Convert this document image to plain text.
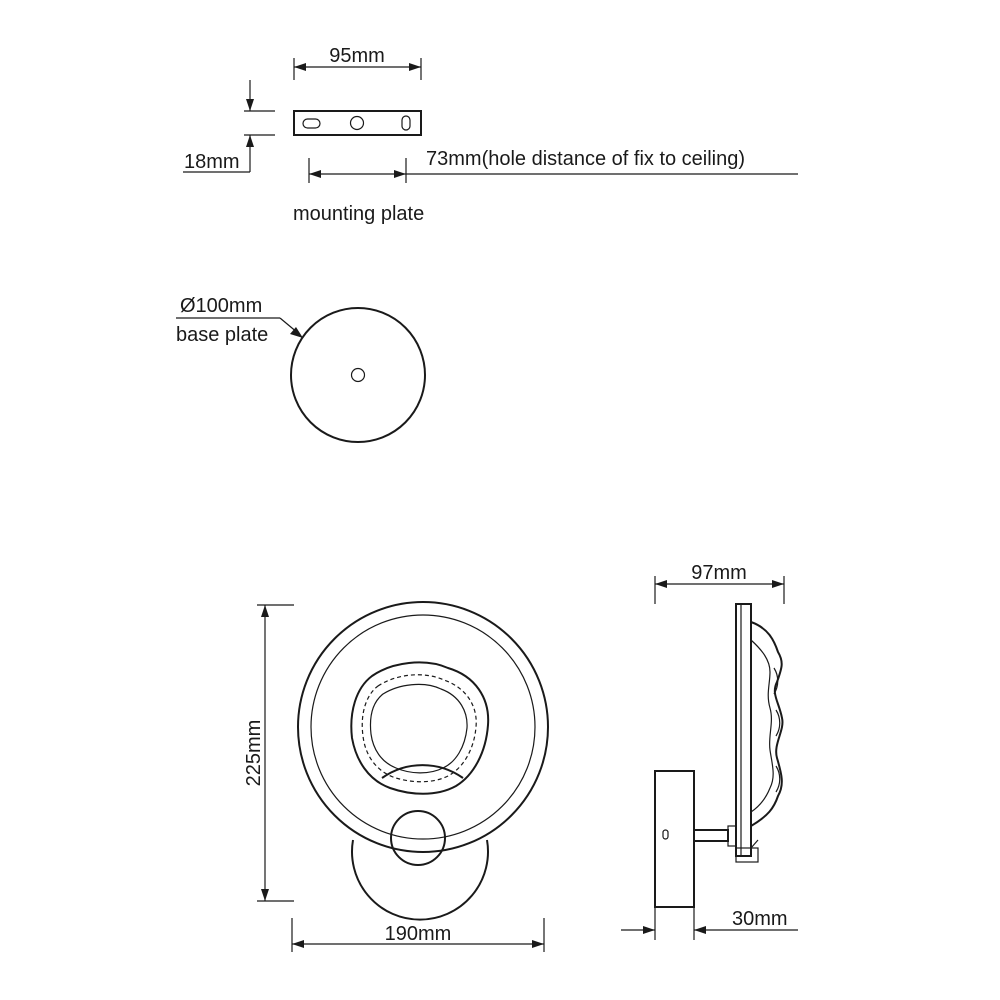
95mm
18mm	73mm(hole distance of fix to ceiling)
mounting plate
Ø100mm
base plate
225mm
190mm
97mm
30mm
